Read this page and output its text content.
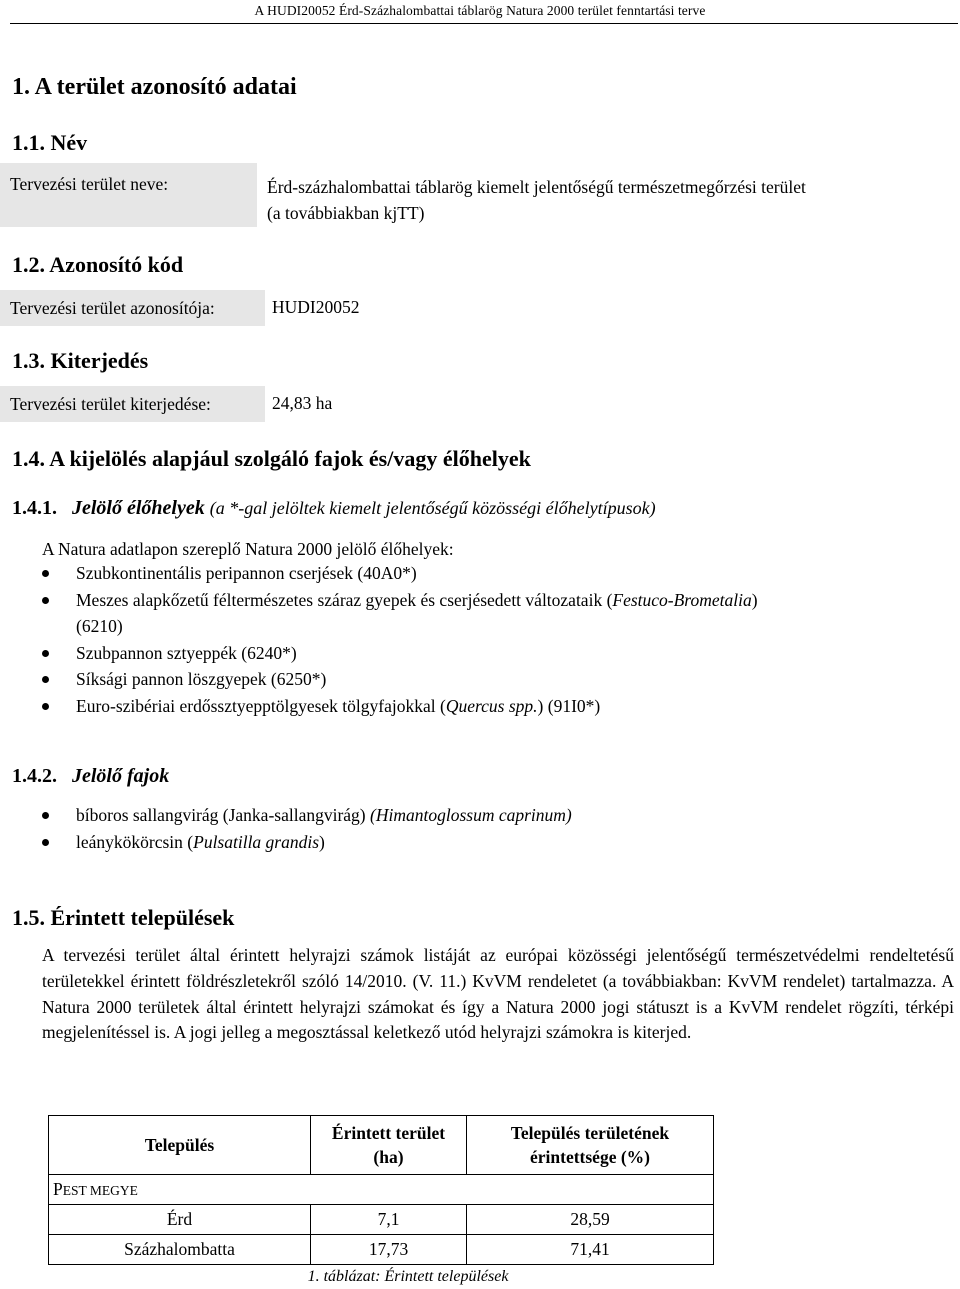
A HUDI20052 Érd-Százhalombattai táblarög Natura 2000 terület fenntartási terve
1. A terület azonosító adatai
1.1. Név
Tervezési terület neve:	Érd-százhalombattai táblarög kiemelt jelentőségű természetmegőrzési terület
(a továbbiakban kjTT)
1.2. Azonosító kód
Tervezési terület azonosítója:	HUDI20052
1.3. Kiterjedés
Tervezési terület kiterjedése:	24,83 ha
1.4. A kijelölés alapjául szolgáló fajok és/vagy élőhelyek
1.4.1. Jelölő élőhelyek (a *-gal jelöltek kiemelt jelentőségű közösségi élőhelytípusok)
A Natura adatlapon szereplő Natura 2000 jelölő élőhelyek:
Szubkontinentális peripannon cserjések (40A0*)
Meszes alapkőzetű féltermészetes száraz gyepek és cserjésedett változataik (Festuco-Brometalia)
(6210)
Szubpannon sztyeppék (6240*)
Síksági pannon löszgyepek (6250*)
Euro-szibériai erdőssztyepptölgyesek tölgyfajokkal (Quercus spp.) (91I0*)
1.4.2. Jelölő fajok
bíboros sallangvirág (Janka-sallangvirág) (Himantoglossum caprinum)
leánykökörcsin (Pulsatilla grandis)
1.5. Érintett települések
A tervezési terület által érintett helyrajzi számok listáját az európai közösségi jelentőségű természetvédelmi rendeltetésű területekkel érintett földrészletekről szóló 14/2010. (V. 11.) KvVM rendeletet (a továbbiakban: KvVM rendelet) tartalmazza. A Natura 2000 területek által érintett helyrajzi számokat és így a Natura 2000 jogi státuszt is a KvVM rendelet rögzíti, térképi megjelenítéssel is. A jogi jelleg a megosztással keletkező utód helyrajzi számokra is kiterjed.
Település	Érintett terület (ha)	Település területének érintettsége (%)
PEST MEGYE		
Érd	7,1	28,59
Százhalombatta	17,73	71,41
1. táblázat: Érintett települések
